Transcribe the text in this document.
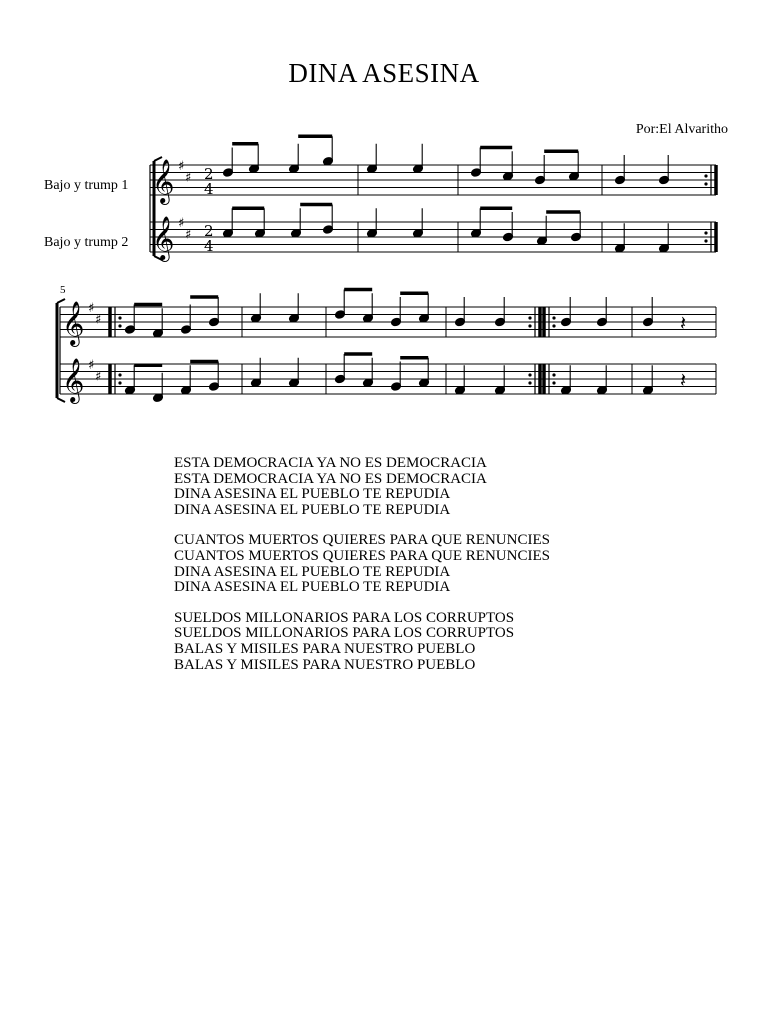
DINA ASESINA
Por:El Alvaritho
Bajo y trump 1
Bajo y trump 2
5
𝄞 ♯
♯ 2
4
𝄞 ♯
♯ 2
4
𝄞 ♯
♯
𝄞 ♯
♯
𝄽
𝄽
ESTA DEMOCRACIA YA NO ES DEMOCRACIA
ESTA DEMOCRACIA YA NO ES DEMOCRACIA
DINA ASESINA EL PUEBLO TE REPUDIA
DINA ASESINA EL PUEBLO TE REPUDIA
CUANTOS MUERTOS QUIERES PARA QUE RENUNCIES
CUANTOS MUERTOS QUIERES PARA QUE RENUNCIES
DINA ASESINA EL PUEBLO TE REPUDIA
DINA ASESINA EL PUEBLO TE REPUDIA
SUELDOS MILLONARIOS PARA LOS CORRUPTOS
SUELDOS MILLONARIOS PARA LOS CORRUPTOS
BALAS Y MISILES PARA NUESTRO PUEBLO
BALAS Y MISILES PARA NUESTRO PUEBLO
